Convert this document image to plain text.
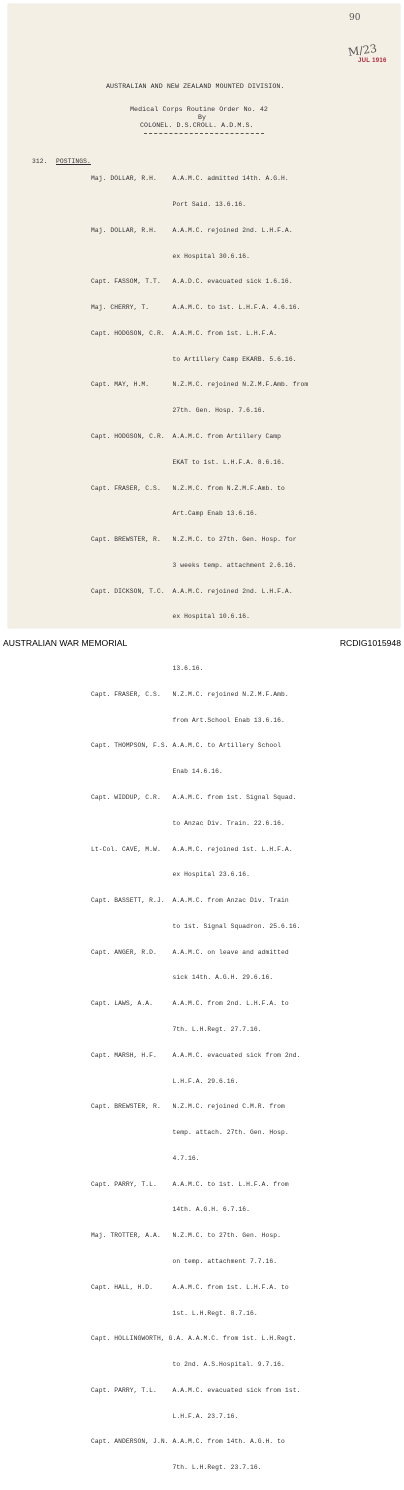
90
M/23
JUL 1916
AUSTRALIAN AND NEW ZEALAND MOUNTED DIVISION.
Medical Corps Routine Order No. 42
By
COLONEL. D.S.CROLL. A.D.M.S.
312. POSTINGS.

Maj. DOLLAR, R.H.    A.A.M.C. admitted 14th. A.G.H.

Port Said. 13.6.16.

Maj. DOLLAR, R.H.    A.A.M.C. rejoined 2nd. L.H.F.A.

ex Hospital 30.6.16.

Capt. FASSOM, T.T.   A.A.D.C. evacuated sick 1.6.16.

Maj. CHERRY, T.      A.A.M.C. to 1st. L.H.F.A. 4.6.16.

Capt. HODGSON, C.R.  A.A.M.C. from 1st. L.H.F.A.

to Artillery Camp EKARB. 5.6.16.

Capt. MAY, H.M.      N.Z.M.C. rejoined N.Z.M.F.Amb. from

27th. Gen. Hosp. 7.6.16.

Capt. HODGSON, C.R.  A.A.M.C. from Artillery Camp

EKAT to 1st. L.H.F.A. 8.6.16.

Capt. FRASER, C.S.   N.Z.M.C. from N.Z.M.F.Amb. to

Art.Camp Enab 13.6.16.

Capt. BREWSTER, R.   N.Z.M.C. to 27th. Gen. Hosp. for

3 weeks temp. attachment 2.6.16.

Capt. DICKSON, T.C.  A.A.M.C. rejoined 2nd. L.H.F.A.

ex Hospital 10.6.16.

13.6.16.

Capt. FRASER, C.S.   N.Z.M.C. rejoined N.Z.M.F.Amb.

from Art.School Enab 13.6.16.

Capt. THOMPSON, F.S. A.A.M.C. to Artillery School

Enab 14.6.16.

Capt. WIDDUP, C.R.   A.A.M.C. from 1st. Signal Squad.

to Anzac Div. Train. 22.6.16.

Lt-Col. CAVE, M.W.   A.A.M.C. rejoined 1st. L.H.F.A.

ex Hospital 23.6.16.

Capt. BASSETT, R.J.  A.A.M.C. from Anzac Div. Train

to 1st. Signal Squadron. 25.6.16.

Capt. ANGER, R.D.    A.A.M.C. on leave and admitted

sick 14th. A.G.H. 29.6.16.

Capt. LAWS, A.A.     A.A.M.C. from 2nd. L.H.F.A. to

7th. L.H.Regt. 27.7.16.

Capt. MARSH, H.F.    A.A.M.C. evacuated sick from 2nd.

L.H.F.A. 29.6.16.

Capt. BREWSTER, R.   N.Z.M.C. rejoined C.M.R. from

temp. attach. 27th. Gen. Hosp.

4.7.16.

Capt. PARRY, T.L.    A.A.M.C. to 1st. L.H.F.A. from

14th. A.G.H. 6.7.16.

Maj. TROTTER, A.A.   N.Z.M.C. to 27th. Gen. Hosp.

on temp. attachment 7.7.16.

Capt. HALL, H.D.     A.A.M.C. from 1st. L.H.F.A. to

1st. L.H.Regt. 8.7.16.

Capt. HOLLINGWORTH, G.A. A.A.M.C. from 1st. L.H.Regt.

to 2nd. A.S.Hospital. 9.7.16.

Capt. PARRY, T.L.    A.A.M.C. evacuated sick from 1st.

L.H.F.A. 23.7.16.

Capt. ANDERSON, J.N. A.A.M.C. from 14th. A.G.H. to

7th. L.H.Regt. 23.7.16.

AUSTRALIAN WAR MEMORIAL	RCDIG1015948
